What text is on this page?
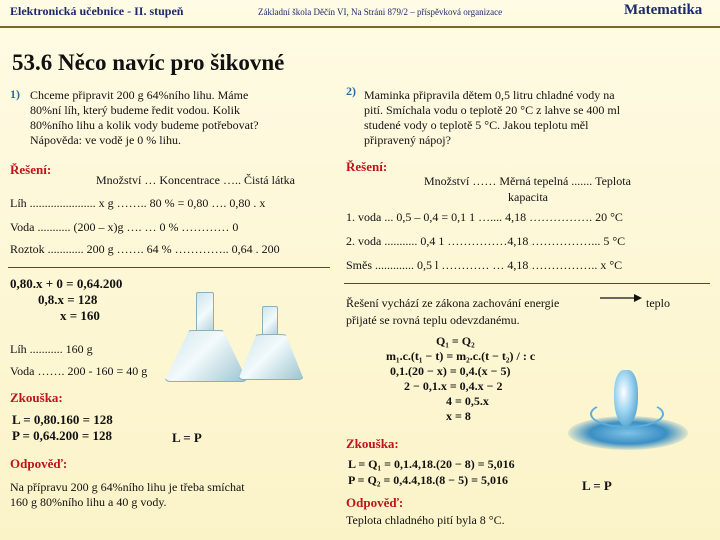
Elektronická učebnice - II. stupeň	Základní škola Děčín VI, Na Stráni 879/2 – příspěvková organizace	Matematika
53.6 Něco navíc pro šikovné
1) Chceme připravit 200 g 64%ního lihu. Máme
80%ní líh, který budeme ředit vodou. Kolik
80%ního lihu a kolik vody budeme potřebovat?
Nápověda: ve vodě je 0 % lihu.
Řešení:
Množství … Koncentrace ….. Čistá látka
Líh ...................... x g …….. 80 % = 0,80 …. 0,80 . x
Voda ........... (200 – x)g …. … 0 % ………… 0
Roztok ............ 200 g ……. 64 % ………….. 0,64 . 200
0,80.x + 0 = 0,64.200
0,8.x = 128
x = 160
Líh ........... 160 g
Voda ……. 200 - 160 = 40 g
Zkouška:
L = 0,80.160 = 128
P = 0,64.200 = 128	L = P
Odpověď:
Na přípravu 200 g 64%ního lihu je třeba smíchat
160 g 80%ního lihu a 40 g vody.
2) Maminka připravila dětem 0,5 litru chladné vody na
pití. Smíchala vodu o teplotě 20 °C z lahve se 400 ml
studené vody o teplotě 5 °C. Jakou teplotu měl
připravený nápoj?
Řešení:
Množství …… Měrná tepelná ....... Teplota
kapacita
1. voda ... 0,5 – 0,4 = 0,1 1 ….... 4,18 ……………. 20 °C
2. voda ........... 0,4 1 ……………4,18 ……………... 5 °C
Směs ............. 0,5 l ………… … 4,18 …………….. x °C
Řešení vychází ze zákona zachování energie	teplo
přijaté se rovná teplu odevzdanému.
Q₁ = Q₂
m₁.c.(t₁ − t) = m₂.c.(t − t₂) / : c
0,1.(20 − x) = 0,4.(x − 5)
2 − 0,1.x = 0,4.x − 2
4 = 0,5.x
x = 8
Zkouška:
L = Q₁ = 0,1.4,18.(20 − 8) = 5,016
P = Q₂ = 0,4.4,18.(8 − 5) = 5,016	L = P
Odpověď:
Teplota chladného pití byla 8 °C.
